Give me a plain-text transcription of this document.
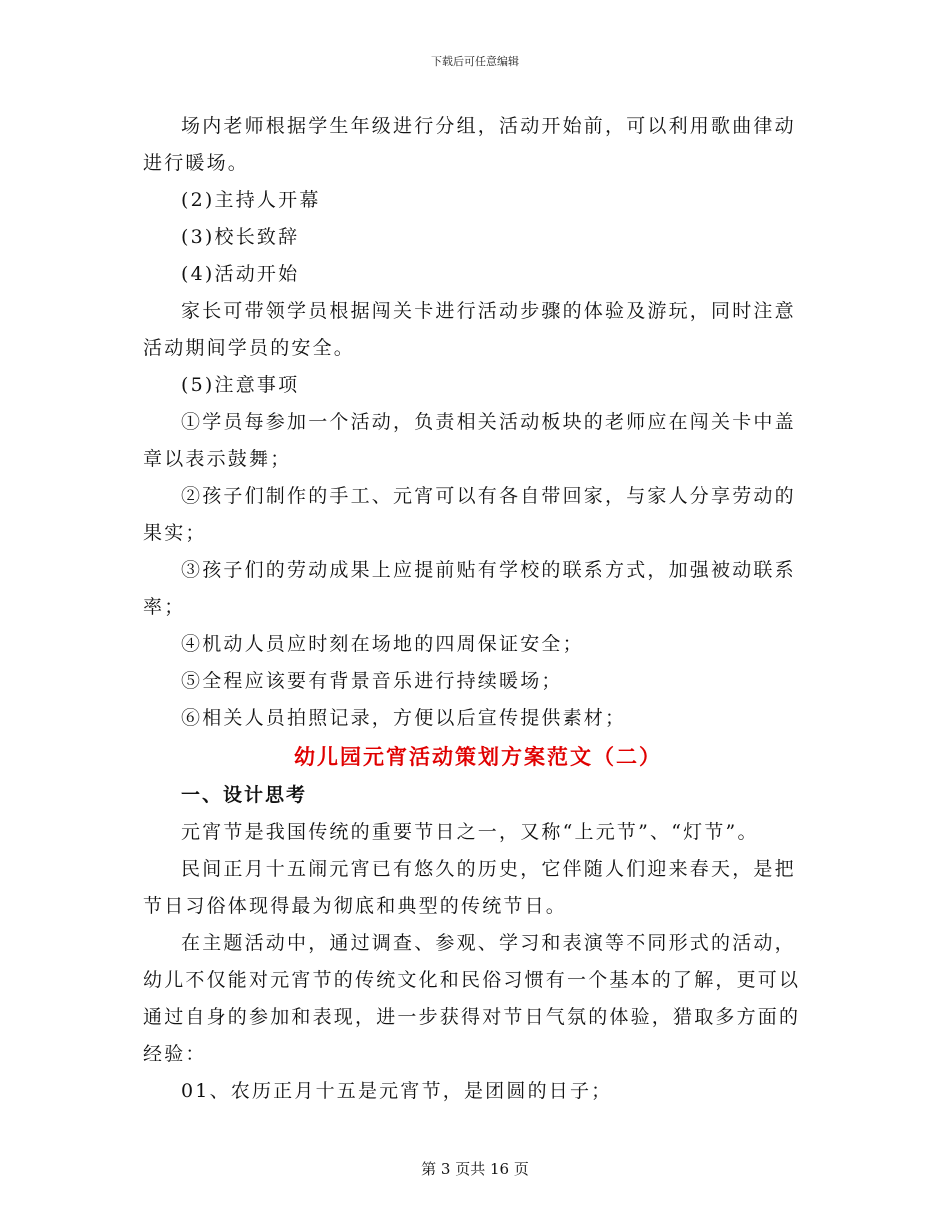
下载后可任意编辑

场内老师根据学生年级进行分组，活动开始前，可以利用歌曲律动进行暖场。

(2)主持人开幕

(3)校长致辞

(4)活动开始

家长可带领学员根据闯关卡进行活动步骤的体验及游玩，同时注意活动期间学员的安全。

(5)注意事项

①学员每参加一个活动，负责相关活动板块的老师应在闯关卡中盖章以表示鼓舞；

②孩子们制作的手工、元宵可以有各自带回家，与家人分享劳动的果实；

③孩子们的劳动成果上应提前贴有学校的联系方式，加强被动联系率；

④机动人员应时刻在场地的四周保证安全；

⑤全程应该要有背景音乐进行持续暖场；

⑥相关人员拍照记录，方便以后宣传提供素材；

幼儿园元宵活动策划方案范文（二）
一、设计思考

元宵节是我国传统的重要节日之一，又称“上元节”、“灯节”。

民间正月十五闹元宵已有悠久的历史，它伴随人们迎来春天，是把节日习俗体现得最为彻底和典型的传统节日。

在主题活动中，通过调查、参观、学习和表演等不同形式的活动，幼儿不仅能对元宵节的传统文化和民俗习惯有一个基本的了解，更可以通过自身的参加和表现，进一步获得对节日气氛的体验，猎取多方面的经验：

01、农历正月十五是元宵节，是团圆的日子；

第 3 页共 16 页
